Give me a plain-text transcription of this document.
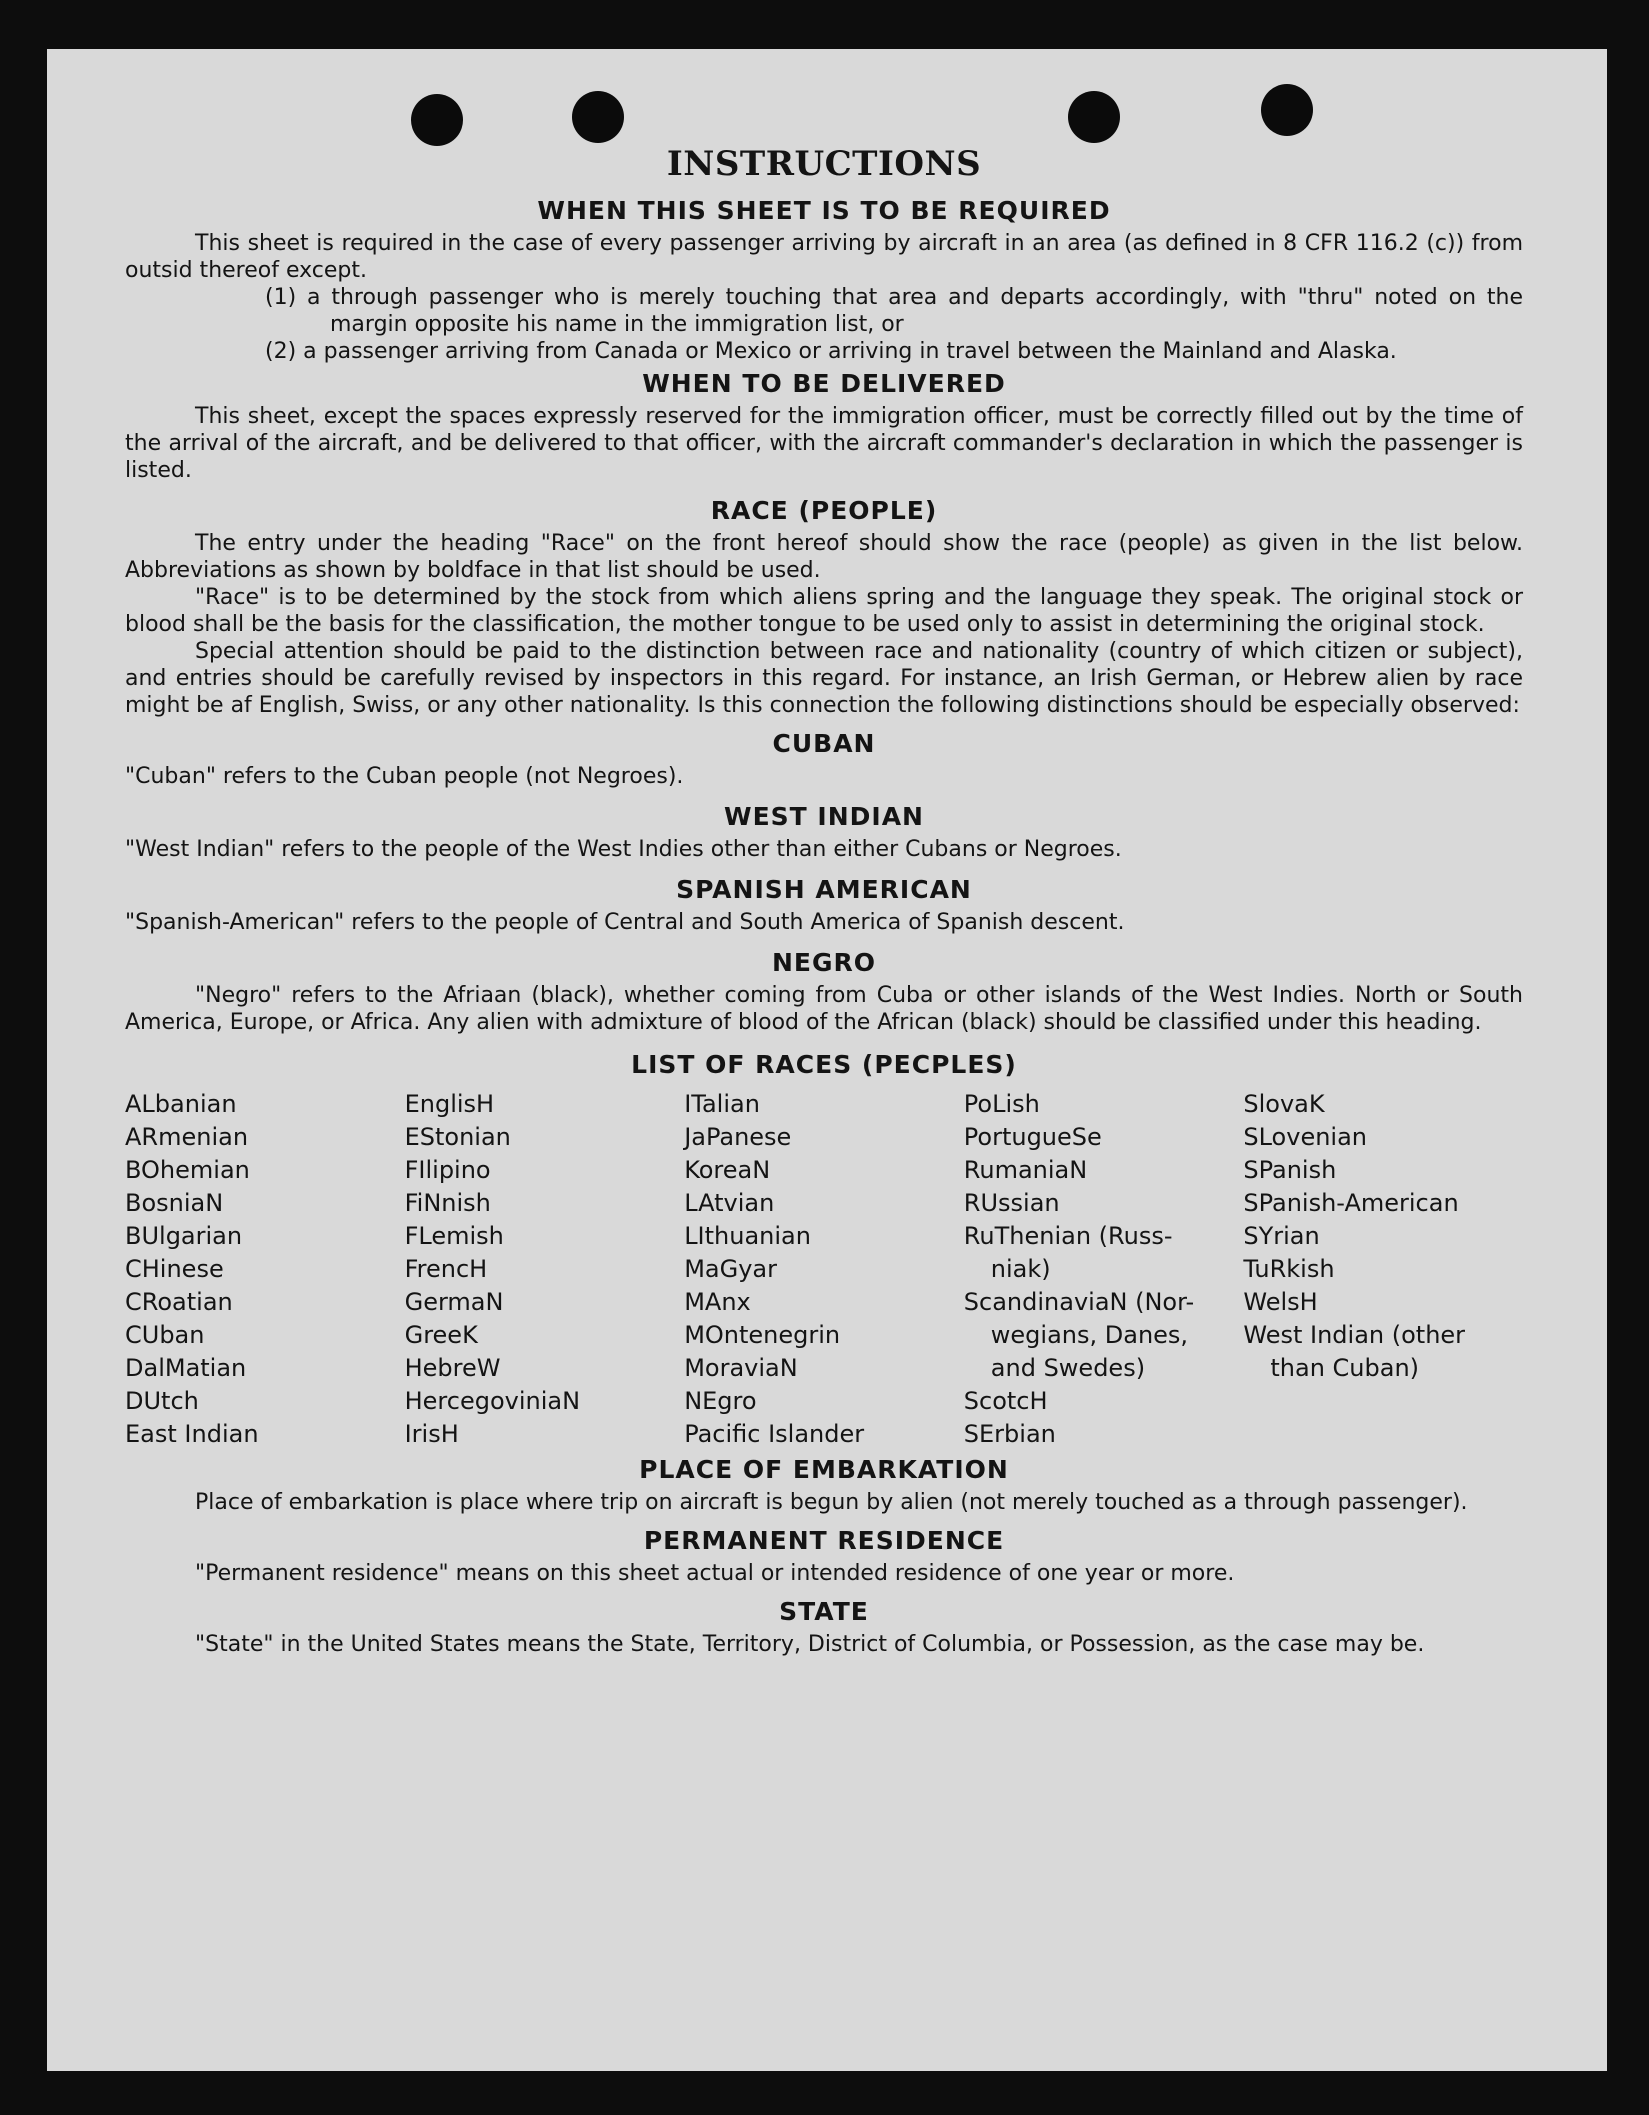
INSTRUCTIONS
WHEN THIS SHEET IS TO BE REQUIRED

This sheet is required in the case of every passenger arriving by aircraft in an area (as defined in 8 CFR 116.2 (c)) from outsid thereof except.

(1) a through passenger who is merely touching that area and departs accordingly, with "thru" noted on the margin opposite his name in the immigration list, or

(2) a passenger arriving from Canada or Mexico or arriving in travel between the Mainland and Alaska.

WHEN TO BE DELIVERED

This sheet, except the spaces expressly reserved for the immigration officer, must be correctly filled out by the time of the arrival of the aircraft, and be delivered to that officer, with the aircraft commander's declaration in which the passenger is listed.

RACE (PEOPLE)

The entry under the heading "Race" on the front hereof should show the race (people) as given in the list below. Abbreviations as shown by boldface in that list should be used.

"Race" is to be determined by the stock from which aliens spring and the language they speak. The original stock or blood shall be the basis for the classification, the mother tongue to be used only to assist in determining the original stock.

Special attention should be paid to the distinction between race and nationality (country of which citizen or subject), and entries should be carefully revised by inspectors in this regard. For instance, an Irish German, or Hebrew alien by race might be af English, Swiss, or any other nationality. Is this connection the following distinctions should be especially observed:

CUBAN

"Cuban" refers to the Cuban people (not Negroes).

WEST INDIAN

"West Indian" refers to the people of the West Indies other than either Cubans or Negroes.

SPANISH AMERICAN

"Spanish-American" refers to the people of Central and South America of Spanish descent.

NEGRO

"Negro" refers to the Afriaan (black), whether coming from Cuba or other islands of the West Indies. North or South America, Europe, or Africa. Any alien with admixture of blood of the African (black) should be classified under this heading.

LIST OF RACES (PECPLES)
ALbanian
ARmenian
BOhemian
BosniaN
BUlgarian
CHinese
CRoatian
CUban
DalMatian
DUtch
East Indian
EnglisH
EStonian
FIlipino
FiNnish
FLemish
FrencH
GermaN
GreeK
HebreW
HercegoviniaN
IrisH
ITalian
JaPanese
KoreaN
LAtvian
LIthuanian
MaGyar
MAnx
MOntenegrin
MoraviaN
NEgro
Pacific Islander
PoLish
PortugueSe
RumaniaN
RUssian
RuThenian (Russ-
niak)
ScandinaviaN (Nor-
wegians, Danes,
and Swedes)
ScotcH
SErbian
SlovaK
SLovenian
SPanish
SPanish-American
SYrian
TuRkish
WelsH
West Indian (other
than Cuban)
PLACE OF EMBARKATION

Place of embarkation is place where trip on aircraft is begun by alien (not merely touched as a through passenger).

PERMANENT RESIDENCE

"Permanent residence" means on this sheet actual or intended residence of one year or more.

STATE

"State" in the United States means the State, Territory, District of Columbia, or Possession, as the case may be.
